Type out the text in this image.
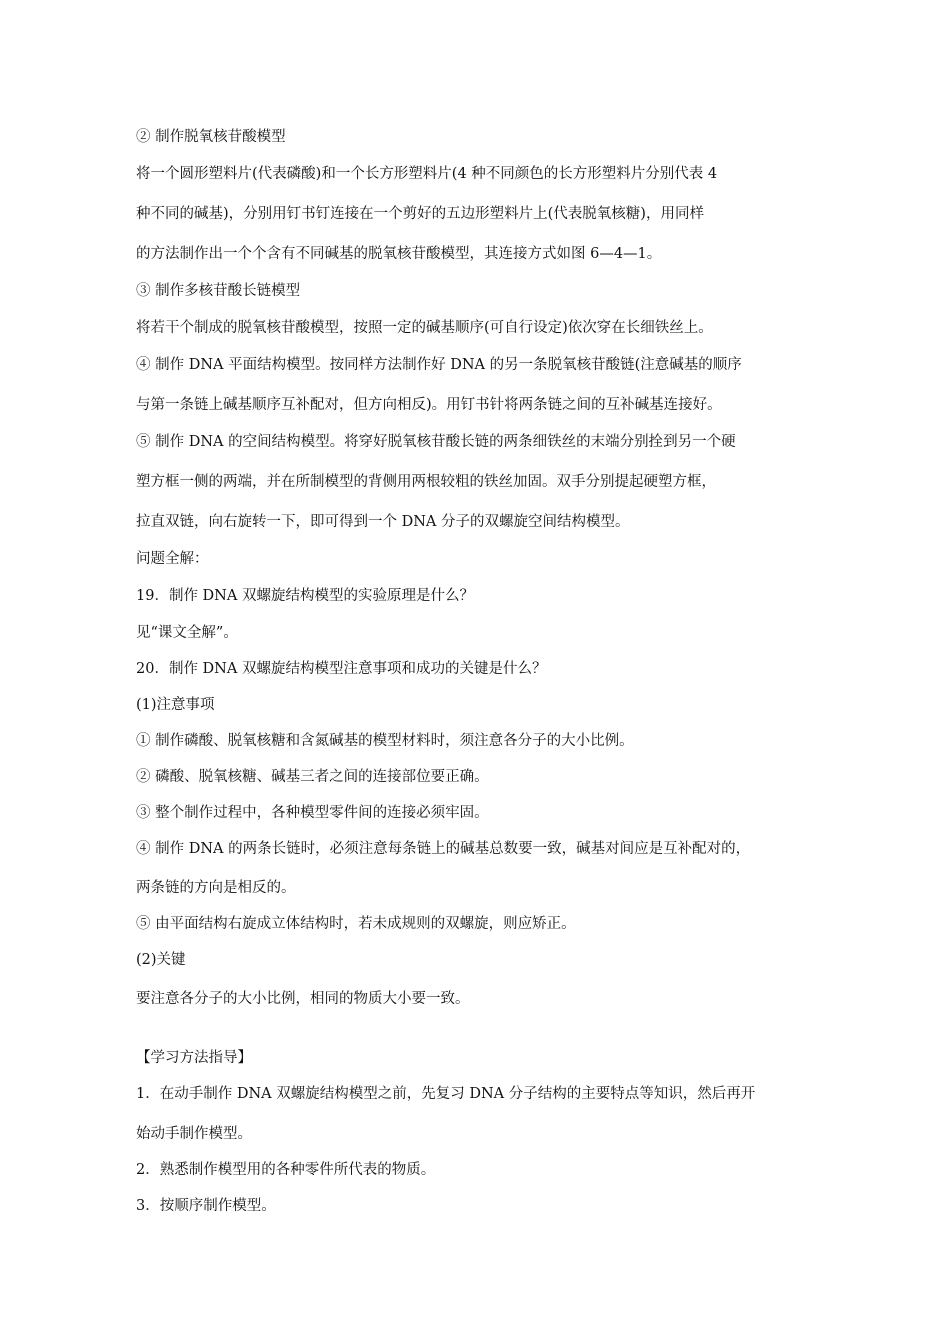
② 制作脱氧核苷酸模型
将一个圆形塑料片(代表磷酸)和一个长方形塑料片(4 种不同颜色的长方形塑料片分别代表 4
种不同的碱基)，分别用钉书钉连接在一个剪好的五边形塑料片上(代表脱氧核糖)，用同样
的方法制作出一个个含有不同碱基的脱氧核苷酸模型，其连接方式如图 6—4—1。
③ 制作多核苷酸长链模型
将若干个制成的脱氧核苷酸模型，按照一定的碱基顺序(可自行设定)依次穿在长细铁丝上。
④ 制作 DNA 平面结构模型。按同样方法制作好 DNA 的另一条脱氧核苷酸链(注意碱基的顺序
与第一条链上碱基顺序互补配对，但方向相反)。用钉书针将两条链之间的互补碱基连接好。
⑤ 制作 DNA 的空间结构模型。将穿好脱氧核苷酸长链的两条细铁丝的末端分别拴到另一个硬
塑方框一侧的两端，并在所制模型的背侧用两根较粗的铁丝加固。双手分别提起硬塑方框，
拉直双链，向右旋转一下，即可得到一个 DNA 分子的双螺旋空间结构模型。
问题全解：
19．制作 DNA 双螺旋结构模型的实验原理是什么？
见“课文全解”。
20．制作 DNA 双螺旋结构模型注意事项和成功的关键是什么？
(1)注意事项
① 制作磷酸、脱氧核糖和含氮碱基的模型材料时，须注意各分子的大小比例。
② 磷酸、脱氧核糖、碱基三者之间的连接部位要正确。
③ 整个制作过程中，各种模型零件间的连接必须牢固。
④ 制作 DNA 的两条长链时，必须注意每条链上的碱基总数要一致，碱基对间应是互补配对的，
两条链的方向是相反的。
⑤ 由平面结构右旋成立体结构时，若未成规则的双螺旋，则应矫正。
(2)关键
要注意各分子的大小比例，相同的物质大小要一致。
【学习方法指导】
1．在动手制作 DNA 双螺旋结构模型之前，先复习 DNA 分子结构的主要特点等知识，然后再开
始动手制作模型。
2．熟悉制作模型用的各种零件所代表的物质。
3．按顺序制作模型。
